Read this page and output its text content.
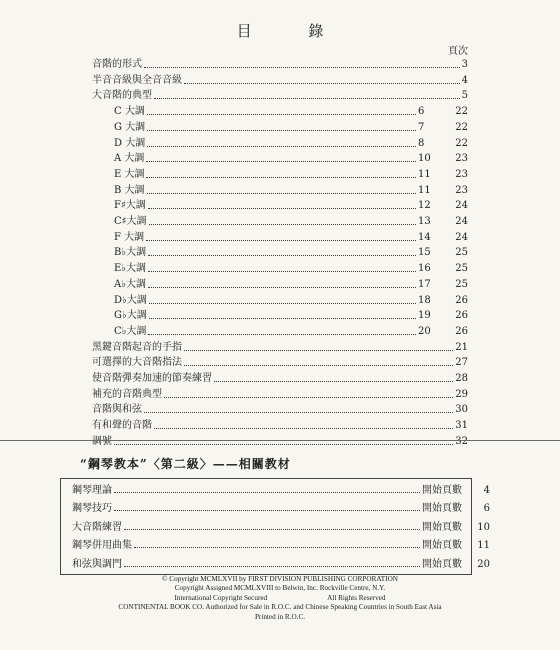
目 錄
頁次
音階的形式	3
半音音級與全音音級	4
大音階的典型	5
C 大調	6	22
G 大調	7	22
D 大調	8	22
A 大調	10 23
E 大調	11 23
B 大調	11 23
F♯大調	12 24
C♯大調	13 24
F 大調	14 24
B♭大調	15 25
E♭大調	16 25
A♭大調	17 25
D♭大調	18 26
G♭大調	19 26
C♭大調	20 26
黑鍵音階起音的手指	21
可選擇的大音階指法	27
使音階彈奏加速的節奏練習	28
補充的音階典型	29
音階與和弦	30
有和聲的音階	31
調號	32
“鋼琴教本”〈第二級〉——相關教材
鋼琴理論	開始頁數	4
鋼琴技巧	開始頁數	6
大音階練習	開始頁數	10
鋼琴併用曲集	開始頁數	11
和弦與調門	開始頁數	20
© Copyright MCMLXVII by FIRST DIVISION PUBLISHING CORPORATION
Copyright Assigned MCMLXVIII to Belwin, Inc. Rockville Centre, N.Y.
International Copyright Secured	All Rights Reserved
CONTINENTAL BOOK CO. Authorized for Sale in R.O.C. and Chinese Speaking Countries in South East Asia
Printed in R.O.C.
